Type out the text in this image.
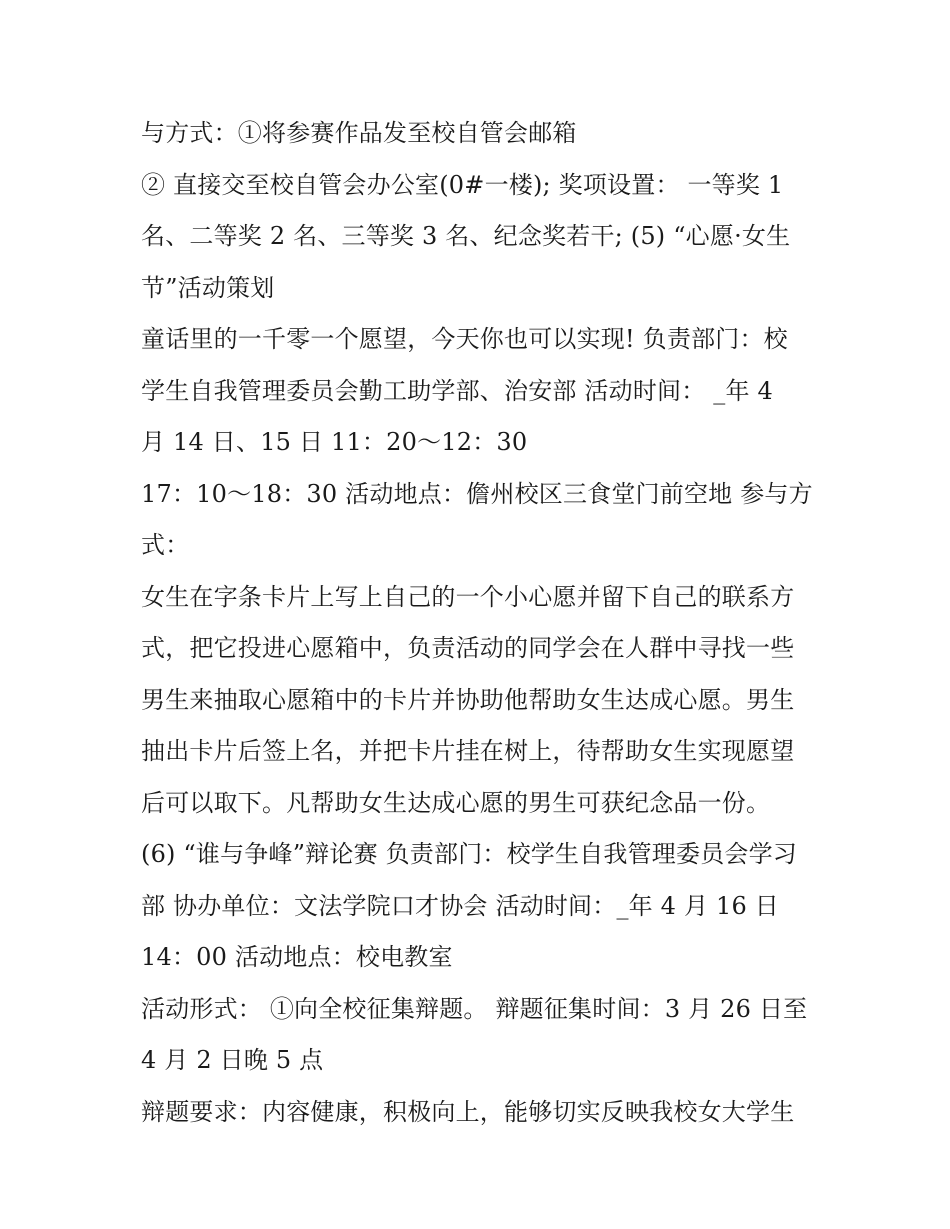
与方式：①将参赛作品发至校自管会邮箱
② 直接交至校自管会办公室(0#一楼); 奖项设置： 一等奖 1
名、二等奖 2 名、三等奖 3 名、纪念奖若干; (5) “心愿·女生
节”活动策划
童话里的一千零一个愿望，今天你也可以实现! 负责部门：校
学生自我管理委员会勤工助学部、治安部 活动时间： _年 4
月 14 日、15 日 11：20～12：30
17：10～18：30 活动地点：儋州校区三食堂门前空地 参与方
式：
女生在字条卡片上写上自己的一个小心愿并留下自己的联系方
式，把它投进心愿箱中，负责活动的同学会在人群中寻找一些
男生来抽取心愿箱中的卡片并协助他帮助女生达成心愿。男生
抽出卡片后签上名，并把卡片挂在树上，待帮助女生实现愿望
后可以取下。凡帮助女生达成心愿的男生可获纪念品一份。
(6) “谁与争峰”辩论赛 负责部门：校学生自我管理委员会学习
部 协办单位：文法学院口才协会 活动时间：_年 4 月 16 日
14：00 活动地点：校电教室
活动形式： ①向全校征集辩题。 辩题征集时间：3 月 26 日至
4 月 2 日晚 5 点
辩题要求：内容健康，积极向上，能够切实反映我校女大学生
